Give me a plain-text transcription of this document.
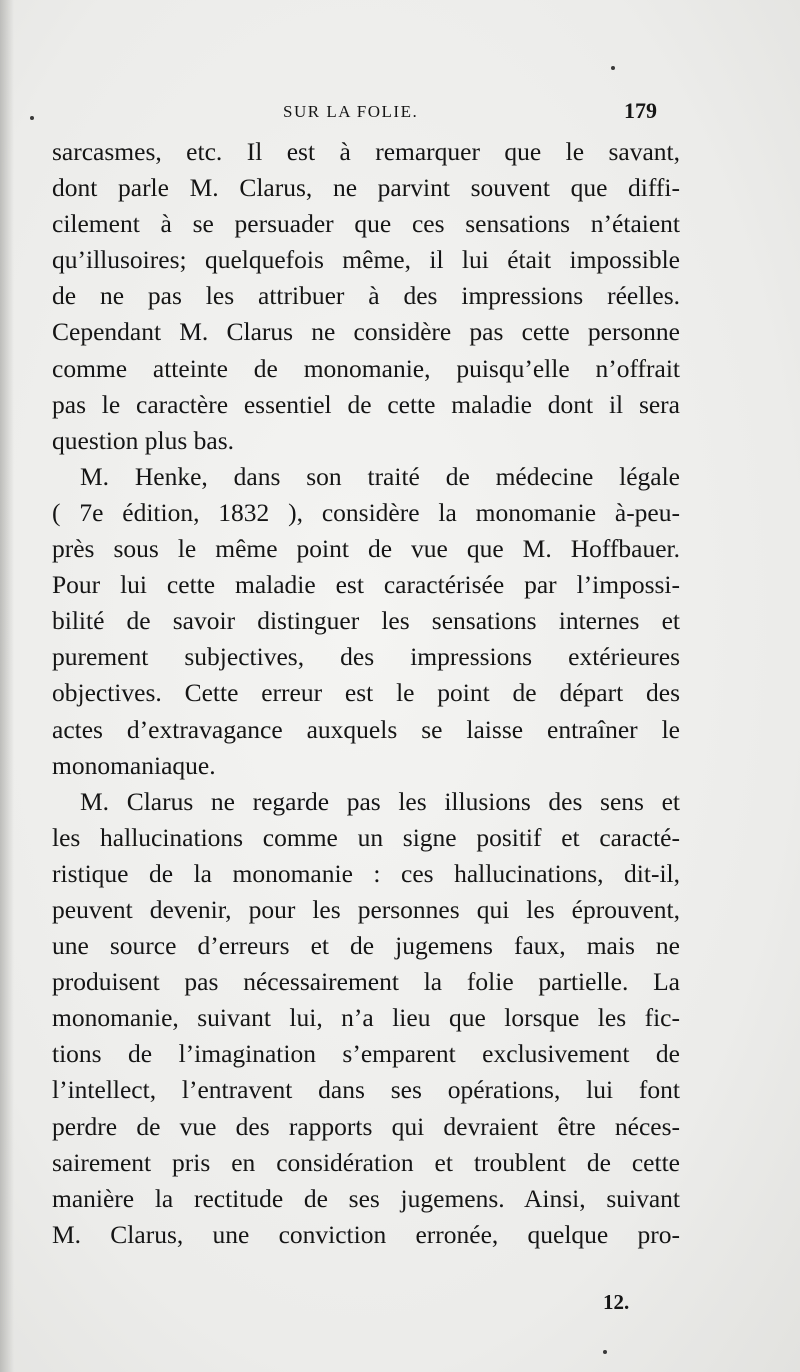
SUR LA FOLIE.	179
sarcasmes, etc. Il est à remarquer que le savant,
dont parle M. Clarus, ne parvint souvent que diffi-
cilement à se persuader que ces sensations n’étaient
qu’illusoires; quelquefois même, il lui était impossible
de ne pas les attribuer à des impressions réelles.
Cependant M. Clarus ne considère pas cette personne
comme atteinte de monomanie, puisqu’elle n’offrait
pas le caractère essentiel de cette maladie dont il sera
question plus bas.
M. Henke, dans son traité de médecine légale
( 7e édition, 1832 ), considère la monomanie à-peu-
près sous le même point de vue que M. Hoffbauer.
Pour lui cette maladie est caractérisée par l’impossi-
bilité de savoir distinguer les sensations internes et
purement subjectives, des impressions extérieures
objectives. Cette erreur est le point de départ des
actes d’extravagance auxquels se laisse entraîner le
monomaniaque.
M. Clarus ne regarde pas les illusions des sens et
les hallucinations comme un signe positif et caracté-
ristique de la monomanie : ces hallucinations, dit-il,
peuvent devenir, pour les personnes qui les éprouvent,
une source d’erreurs et de jugemens faux, mais ne
produisent pas nécessairement la folie partielle. La
monomanie, suivant lui, n’a lieu que lorsque les fic-
tions de l’imagination s’emparent exclusivement de
l’intellect, l’entravent dans ses opérations, lui font
perdre de vue des rapports qui devraient être néces-
sairement pris en considération et troublent de cette
manière la rectitude de ses jugemens. Ainsi, suivant
M. Clarus, une conviction erronée, quelque pro-
12.
